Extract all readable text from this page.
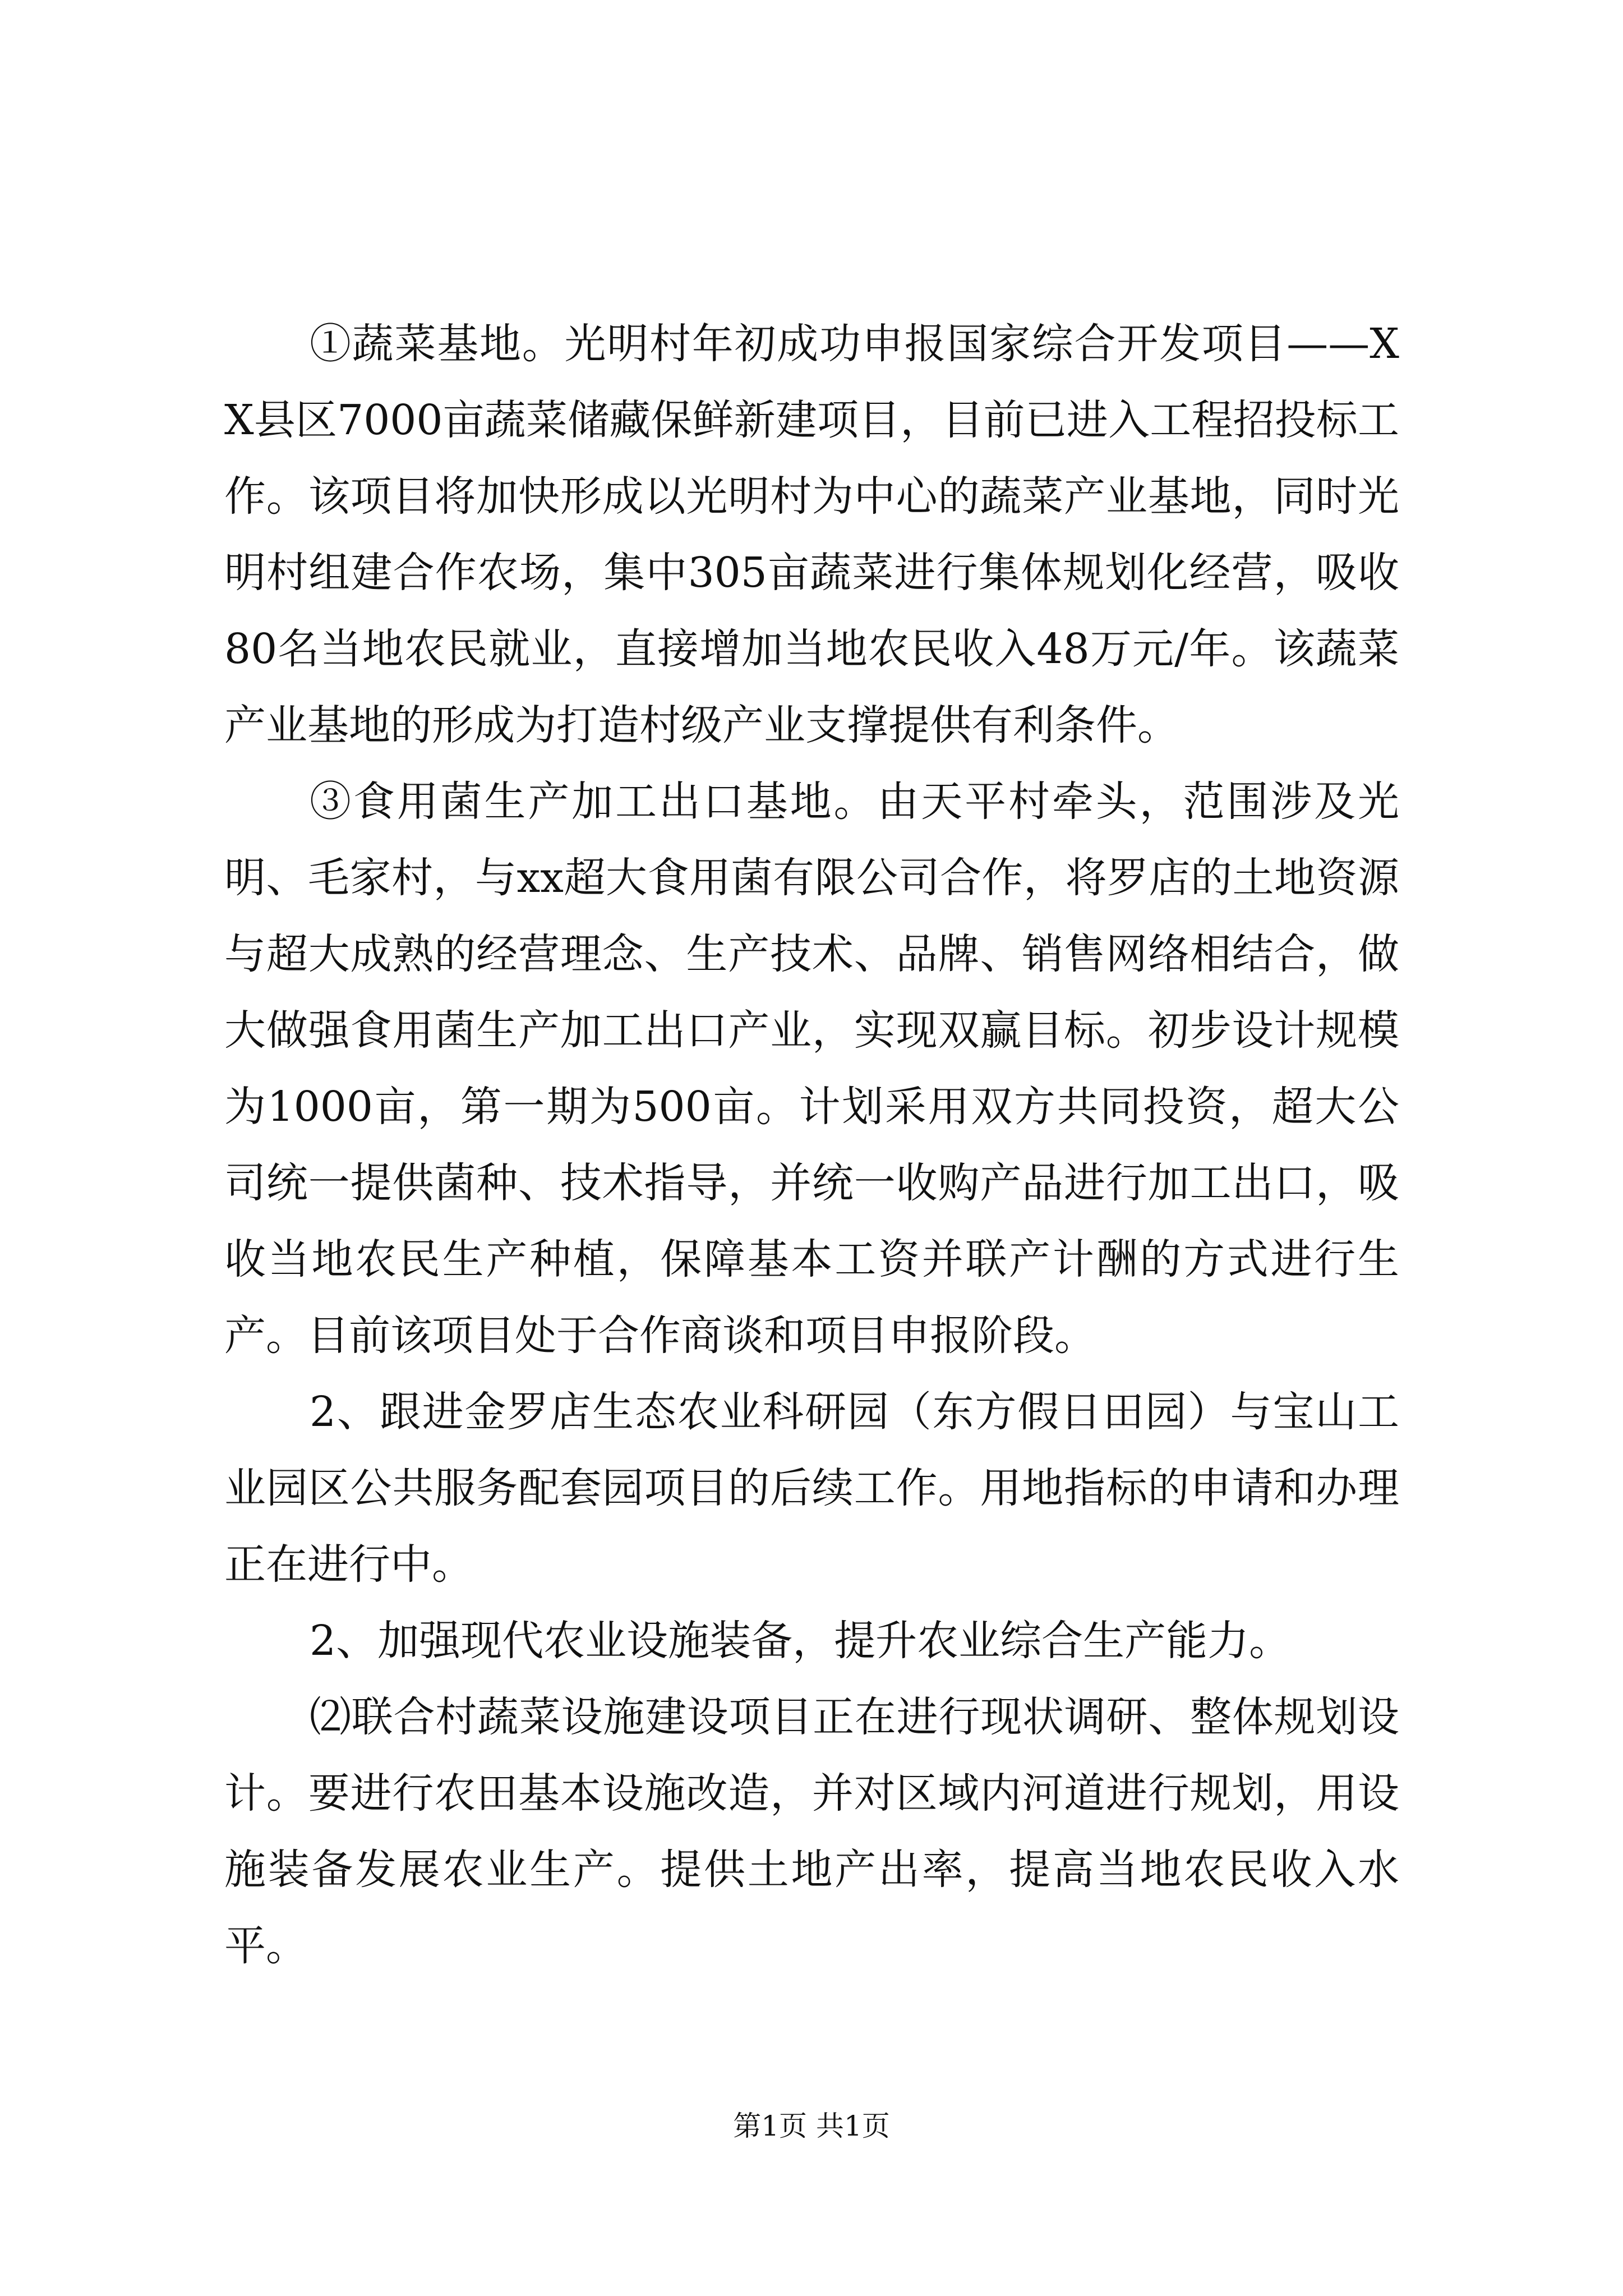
①蔬菜基地。光明村年初成功申报国家综合开发项目——XX县区7000亩蔬菜储藏保鲜新建项目，目前已进入工程招投标工作。该项目将加快形成以光明村为中心的蔬菜产业基地，同时光明村组建合作农场，集中305亩蔬菜进行集体规划化经营，吸收80名当地农民就业，直接增加当地农民收入48万元/年。该蔬菜产业基地的形成为打造村级产业支撑提供有利条件。

③食用菌生产加工出口基地。由天平村牵头，范围涉及光明、毛家村，与xx超大食用菌有限公司合作，将罗店的土地资源与超大成熟的经营理念、生产技术、品牌、销售网络相结合，做大做强食用菌生产加工出口产业，实现双赢目标。初步设计规模为1000亩，第一期为500亩。计划采用双方共同投资，超大公司统一提供菌种、技术指导，并统一收购产品进行加工出口，吸收当地农民生产种植，保障基本工资并联产计酬的方式进行生产。目前该项目处于合作商谈和项目申报阶段。

2、跟进金罗店生态农业科研园（东方假日田园）与宝山工业园区公共服务配套园项目的后续工作。用地指标的申请和办理正在进行中。

2、加强现代农业设施装备，提升农业综合生产能力。

⑵联合村蔬菜设施建设项目正在进行现状调研、整体规划设计。要进行农田基本设施改造，并对区域内河道进行规划，用设施装备发展农业生产。提供土地产出率，提高当地农民收入水平。

第1页 共1页
